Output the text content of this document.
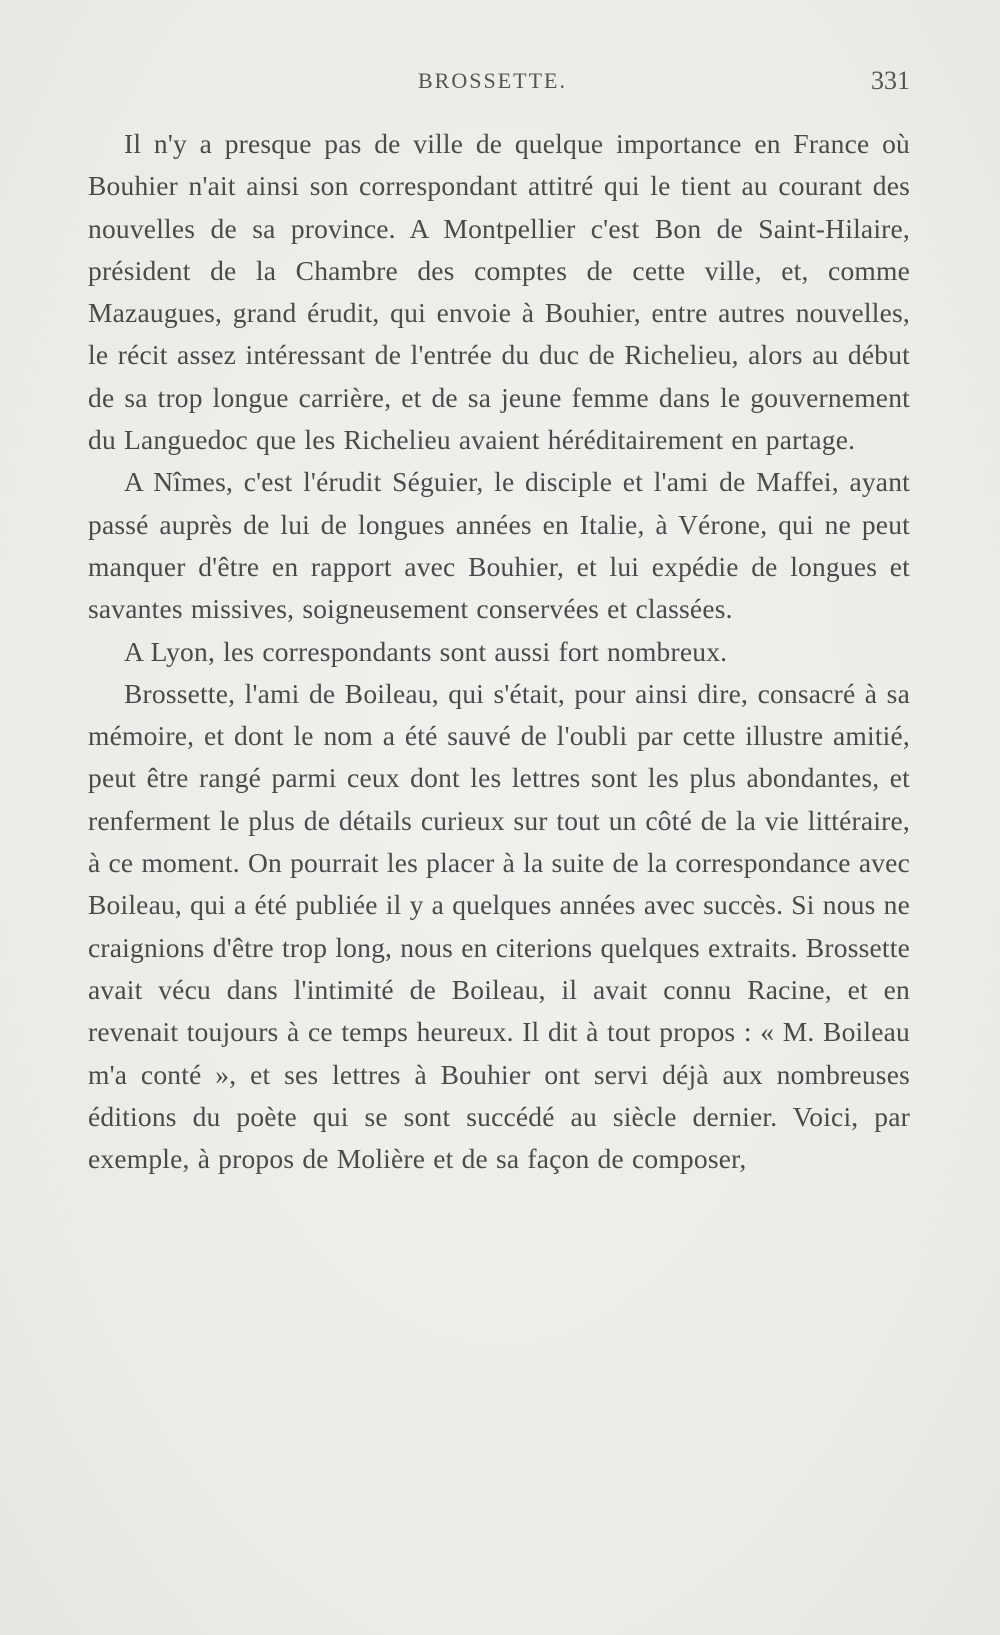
BROSSETTE.	331

Il n'y a presque pas de ville de quelque importance en France où Bouhier n'ait ainsi son correspondant attitré qui le tient au courant des nouvelles de sa province. A Montpellier c'est Bon de Saint-Hilaire, président de la Chambre des comptes de cette ville, et, comme Mazaugues, grand érudit, qui envoie à Bouhier, entre autres nouvelles, le récit assez intéressant de l'entrée du duc de Richelieu, alors au début de sa trop longue carrière, et de sa jeune femme dans le gouvernement du Languedoc que les Richelieu avaient héréditairement en partage.

A Nîmes, c'est l'érudit Séguier, le disciple et l'ami de Maffei, ayant passé auprès de lui de longues années en Italie, à Vérone, qui ne peut manquer d'être en rapport avec Bouhier, et lui expédie de longues et savantes missives, soigneusement conservées et classées.

A Lyon, les correspondants sont aussi fort nombreux.

Brossette, l'ami de Boileau, qui s'était, pour ainsi dire, consacré à sa mémoire, et dont le nom a été sauvé de l'oubli par cette illustre amitié, peut être rangé parmi ceux dont les lettres sont les plus abondantes, et renferment le plus de détails curieux sur tout un côté de la vie littéraire, à ce moment. On pourrait les placer à la suite de la correspondance avec Boileau, qui a été publiée il y a quelques années avec succès. Si nous ne craignions d'être trop long, nous en citerions quelques extraits. Brossette avait vécu dans l'intimité de Boileau, il avait connu Racine, et en revenait toujours à ce temps heureux. Il dit à tout propos : « M. Boileau m'a conté », et ses lettres à Bouhier ont servi déjà aux nombreuses éditions du poète qui se sont succédé au siècle dernier. Voici, par exemple, à propos de Molière et de sa façon de composer,
